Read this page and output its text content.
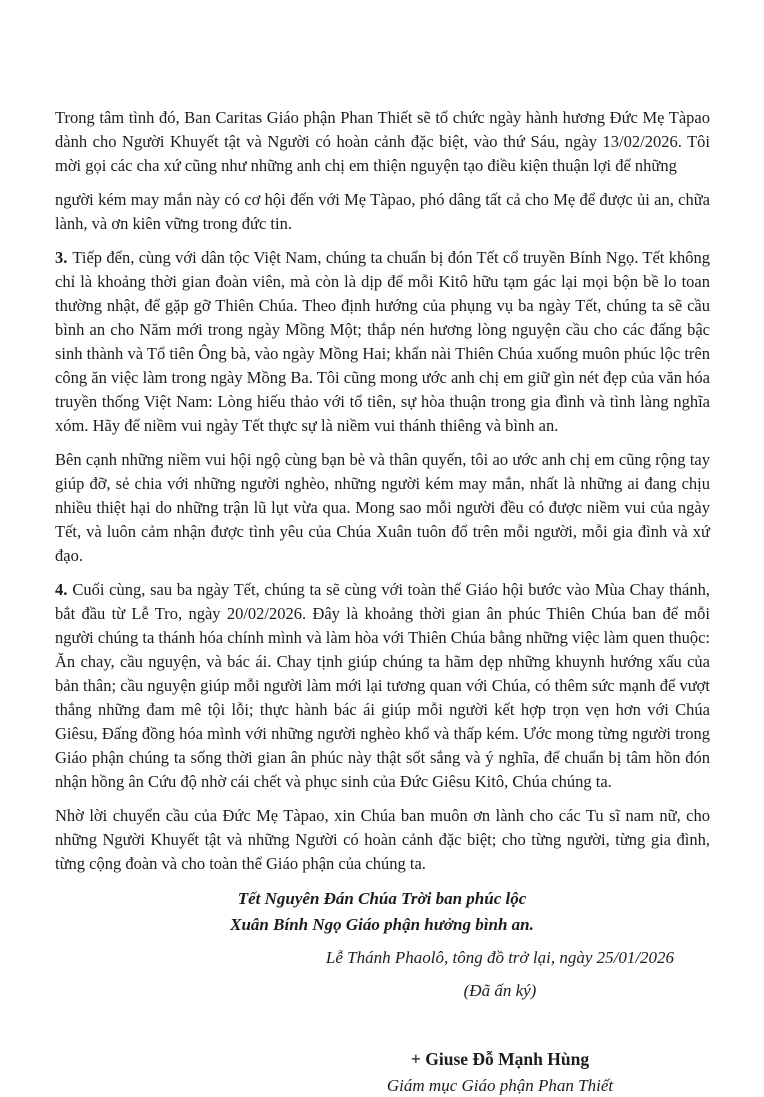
Trong tâm tình đó, Ban Caritas Giáo phận Phan Thiết sẽ tổ chức ngày hành hương Đức Mẹ Tàpao dành cho Người Khuyết tật và Người có hoàn cảnh đặc biệt, vào thứ Sáu, ngày 13/02/2026. Tôi mời gọi các cha xứ cũng như những anh chị em thiện nguyện tạo điều kiện thuận lợi để những

người kém may mắn này có cơ hội đến với Mẹ Tàpao, phó dâng tất cả cho Mẹ để được ủi an, chữa lành, và ơn kiên vững trong đức tin.

3. Tiếp đến, cùng với dân tộc Việt Nam, chúng ta chuẩn bị đón Tết cổ truyền Bính Ngọ. Tết không chỉ là khoảng thời gian đoàn viên, mà còn là dịp để mỗi Kitô hữu tạm gác lại mọi bộn bề lo toan thường nhật, để gặp gỡ Thiên Chúa. Theo định hướng của phụng vụ ba ngày Tết, chúng ta sẽ cầu bình an cho Năm mới trong ngày Mồng Một; thắp nén hương lòng nguyện cầu cho các đấng bậc sinh thành và Tổ tiên Ông bà, vào ngày Mồng Hai; khẩn nài Thiên Chúa xuống muôn phúc lộc trên công ăn việc làm trong ngày Mồng Ba. Tôi cũng mong ước anh chị em giữ gìn nét đẹp của văn hóa truyền thống Việt Nam: Lòng hiếu thảo với tổ tiên, sự hòa thuận trong gia đình và tình làng nghĩa xóm. Hãy để niềm vui ngày Tết thực sự là niềm vui thánh thiêng và bình an.

Bên cạnh những niềm vui hội ngộ cùng bạn bè và thân quyến, tôi ao ước anh chị em cũng rộng tay giúp đỡ, sẻ chia với những người nghèo, những người kém may mắn, nhất là những ai đang chịu nhiều thiệt hại do những trận lũ lụt vừa qua. Mong sao mỗi người đều có được niềm vui của ngày Tết, và luôn cảm nhận được tình yêu của Chúa Xuân tuôn đổ trên mỗi người, mỗi gia đình và xứ đạo.

4. Cuối cùng, sau ba ngày Tết, chúng ta sẽ cùng với toàn thể Giáo hội bước vào Mùa Chay thánh, bắt đầu từ Lễ Tro, ngày 20/02/2026. Đây là khoảng thời gian ân phúc Thiên Chúa ban để mỗi người chúng ta thánh hóa chính mình và làm hòa với Thiên Chúa bằng những việc làm quen thuộc: Ăn chay, cầu nguyện, và bác ái. Chay tịnh giúp chúng ta hãm dẹp những khuynh hướng xấu của bản thân; cầu nguyện giúp mỗi người làm mới lại tương quan với Chúa, có thêm sức mạnh để vượt thắng những đam mê tội lỗi; thực hành bác ái giúp mỗi người kết hợp trọn vẹn hơn với Chúa Giêsu, Đấng đồng hóa mình với những người nghèo khổ và thấp kém. Ước mong từng người trong Giáo phận chúng ta sống thời gian ân phúc này thật sốt sắng và ý nghĩa, để chuẩn bị tâm hồn đón nhận hồng ân Cứu độ nhờ cái chết và phục sinh của Đức Giêsu Kitô, Chúa chúng ta.

Nhờ lời chuyển cầu của Đức Mẹ Tàpao, xin Chúa ban muôn ơn lành cho các Tu sĩ nam nữ, cho những Người Khuyết tật và những Người có hoàn cảnh đặc biệt; cho từng người, từng gia đình, từng cộng đoàn và cho toàn thể Giáo phận của chúng ta.

Tết Nguyên Đán Chúa Trời ban phúc lộc
Xuân Bính Ngọ Giáo phận hưởng bình an.
Lễ Thánh Phaolô, tông đồ trở lại, ngày 25/01/2026
(Đã ấn ký)
+ Giuse Đỗ Mạnh Hùng
Giám mục Giáo phận Phan Thiết
